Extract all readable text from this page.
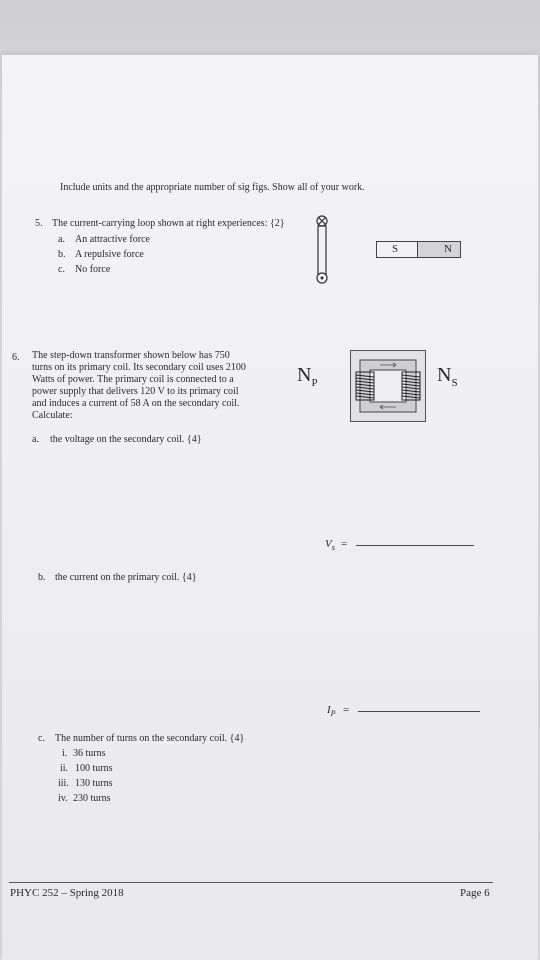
Include units and the appropriate number of sig figs. Show all of your work.
5. The current-carrying loop shown at right experiences: {2}
a. An attractive force
b. A repulsive force
c. No force
S	N
6. The step-down transformer shown below has 750
turns on its primary coil. Its secondary coil uses 2100
Watts of power. The primary coil is connected to a
power supply that delivers 120 V to its primary coil
and induces a current of 58 A on the secondary coil.
Calculate:
$N_P$	$N_S$
a. the voltage on the secondary coil. {4}
$V_s$ =
b. the current on the primary coil. {4}
$I_P$ =
c. The number of turns on the secondary coil. {4}
i. 36 turns
ii. 100 turns
iii. 130 turns
iv. 230 turns
PHYC 252 – Spring 2018	Page 6
